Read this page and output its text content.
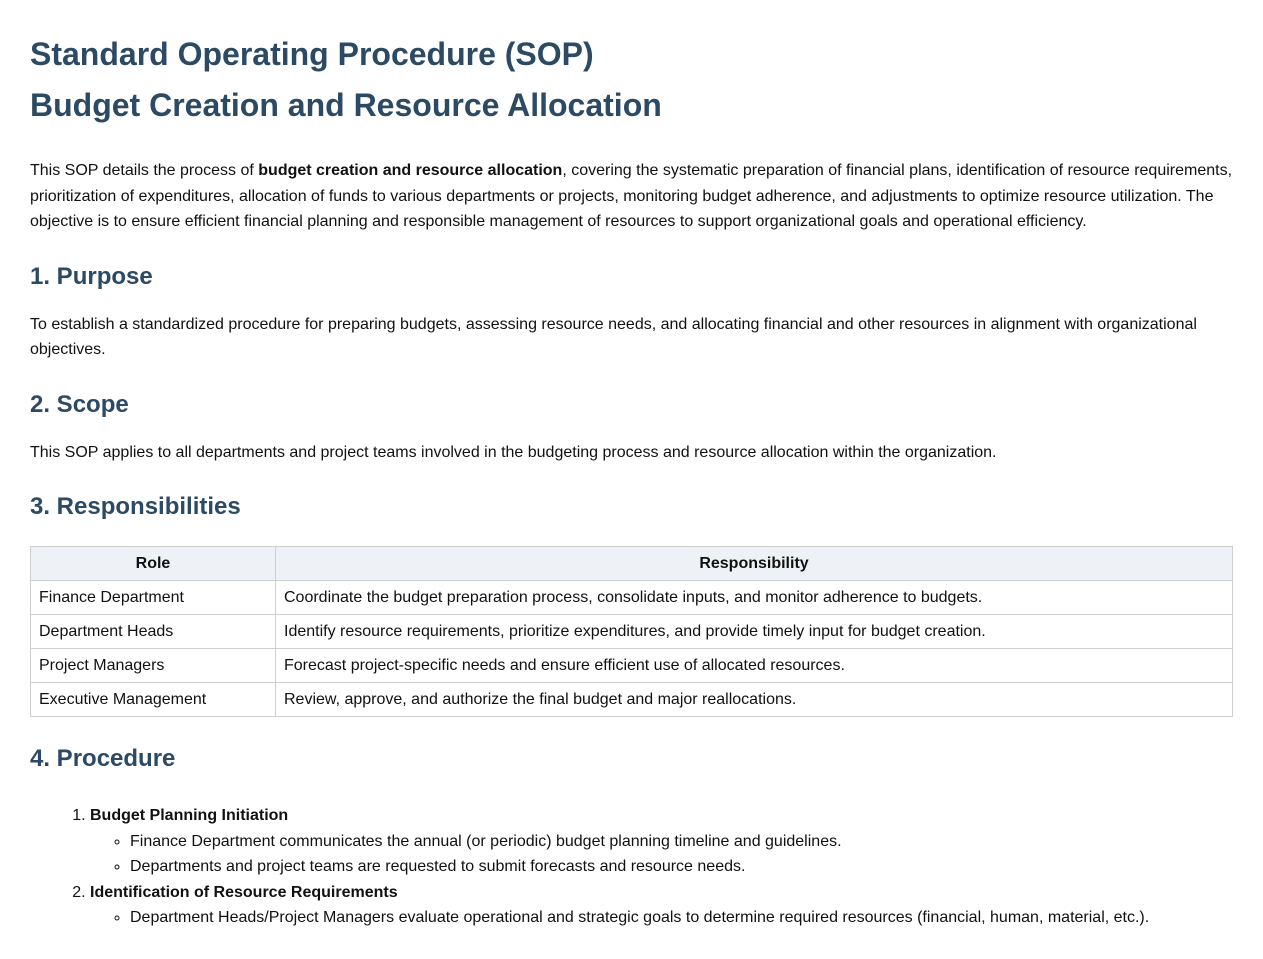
Standard Operating Procedure (SOP)
Budget Creation and Resource Allocation

This SOP details the process of budget creation and resource allocation, covering the systematic preparation of financial plans, identification of resource requirements, prioritization of expenditures, allocation of funds to various departments or projects, monitoring budget adherence, and adjustments to optimize resource utilization. The objective is to ensure efficient financial planning and responsible management of resources to support organizational goals and operational efficiency.

1. Purpose

To establish a standardized procedure for preparing budgets, assessing resource needs, and allocating financial and other resources in alignment with organizational objectives.

2. Scope

This SOP applies to all departments and project teams involved in the budgeting process and resource allocation within the organization.

3. Responsibilities
Role	Responsibility
Finance Department	Coordinate the budget preparation process, consolidate inputs, and monitor adherence to budgets.
Department Heads	Identify resource requirements, prioritize expenditures, and provide timely input for budget creation.
Project Managers	Forecast project-specific needs and ensure efficient use of allocated resources.
Executive Management	Review, approve, and authorize the final budget and major reallocations.
4. Procedure
1. Budget Planning Initiation
◦ Finance Department communicates the annual (or periodic) budget planning timeline and guidelines.
◦ Departments and project teams are requested to submit forecasts and resource needs.
2. Identification of Resource Requirements
◦ Department Heads/Project Managers evaluate operational and strategic goals to determine required resources (financial, human, material, etc.).
